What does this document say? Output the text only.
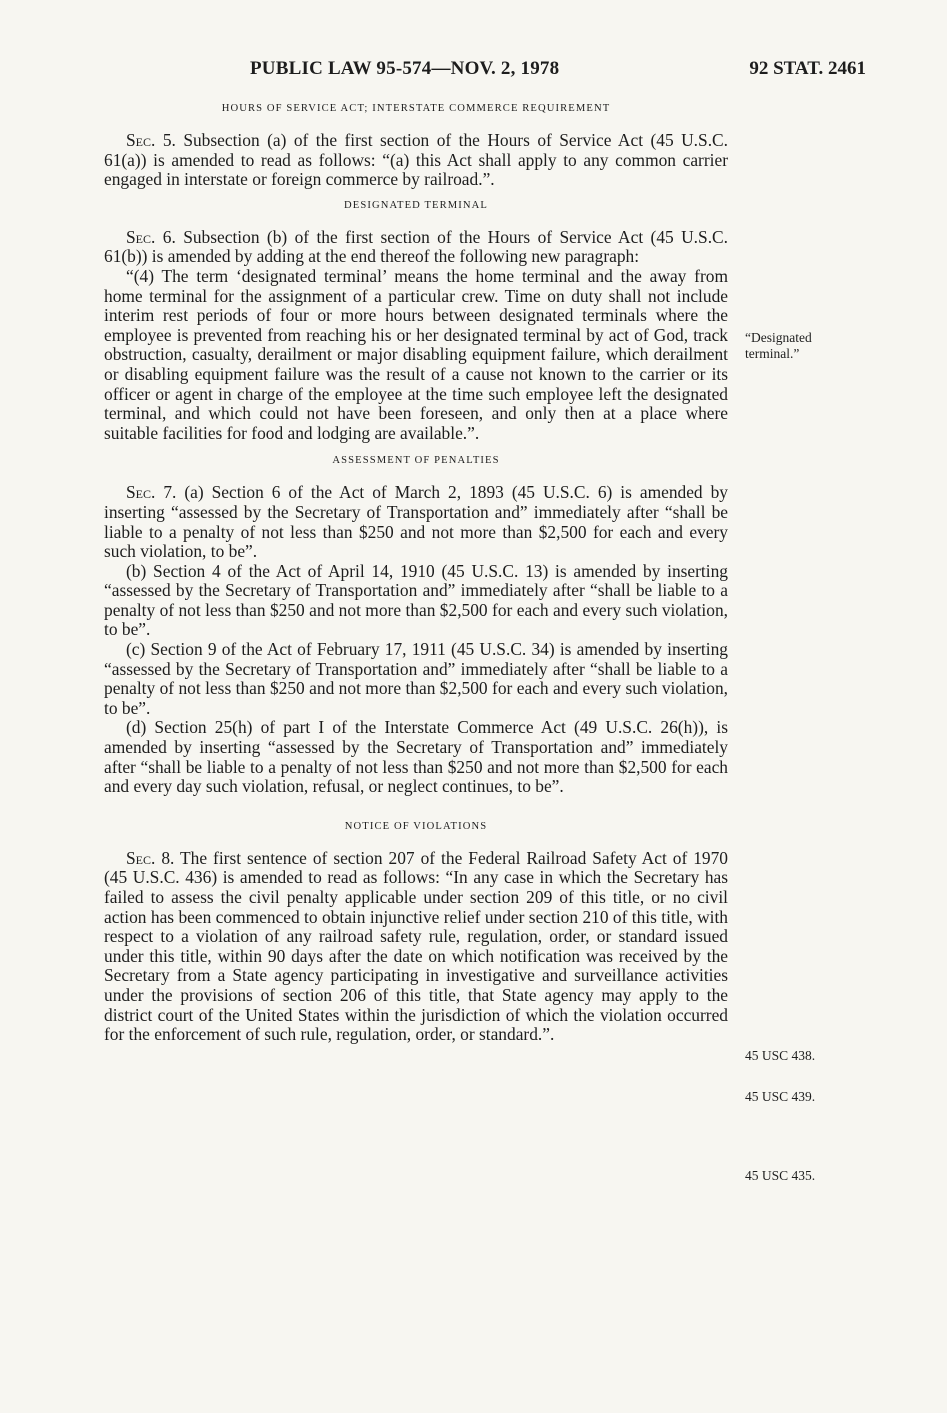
PUBLIC LAW 95-574—NOV. 2, 1978	92 STAT. 2461
HOURS OF SERVICE ACT; INTERSTATE COMMERCE REQUIREMENT

Sec. 5. Subsection (a) of the first section of the Hours of Service Act (45 U.S.C. 61(a)) is amended to read as follows: “(a) this Act shall apply to any common carrier engaged in interstate or foreign commerce by railroad.”.

DESIGNATED TERMINAL

Sec. 6. Subsection (b) of the first section of the Hours of Service Act (45 U.S.C. 61(b)) is amended by adding at the end thereof the following new paragraph:

“(4) The term ‘designated terminal’ means the home terminal and the away from home terminal for the assignment of a particular crew. Time on duty shall not include interim rest periods of four or more hours between designated terminals where the employee is prevented from reaching his or her designated terminal by act of God, track obstruction, casualty, derailment or major disabling equipment failure, which derailment or disabling equipment failure was the result of a cause not known to the carrier or its officer or agent in charge of the employee at the time such employee left the designated terminal, and which could not have been foreseen, and only then at a place where suitable facilities for food and lodging are available.”.

ASSESSMENT OF PENALTIES

Sec. 7. (a) Section 6 of the Act of March 2, 1893 (45 U.S.C. 6) is amended by inserting “assessed by the Secretary of Transportation and” immediately after “shall be liable to a penalty of not less than $250 and not more than $2,500 for each and every such violation, to be”.

(b) Section 4 of the Act of April 14, 1910 (45 U.S.C. 13) is amended by inserting “assessed by the Secretary of Transportation and” immediately after “shall be liable to a penalty of not less than $250 and not more than $2,500 for each and every such violation, to be”.

(c) Section 9 of the Act of February 17, 1911 (45 U.S.C. 34) is amended by inserting “assessed by the Secretary of Transportation and” immediately after “shall be liable to a penalty of not less than $250 and not more than $2,500 for each and every such violation, to be”.

(d) Section 25(h) of part I of the Interstate Commerce Act (49 U.S.C. 26(h)), is amended by inserting “assessed by the Secretary of Transportation and” immediately after “shall be liable to a penalty of not less than $250 and not more than $2,500 for each and every day such violation, refusal, or neglect continues, to be”.

NOTICE OF VIOLATIONS

Sec. 8. The first sentence of section 207 of the Federal Railroad Safety Act of 1970 (45 U.S.C. 436) is amended to read as follows: “In any case in which the Secretary has failed to assess the civil penalty applicable under section 209 of this title, or no civil action has been commenced to obtain injunctive relief under section 210 of this title, with respect to a violation of any railroad safety rule, regulation, order, or standard issued under this title, within 90 days after the date on which notification was received by the Secretary from a State agency participating in investigative and surveillance activities under the provisions of section 206 of this title, that State agency may apply to the district court of the United States within the jurisdiction of which the violation occurred for the enforcement of such rule, regulation, order, or standard.”.

“Designated terminal.”
45 USC 438.
45 USC 439.
45 USC 435.
